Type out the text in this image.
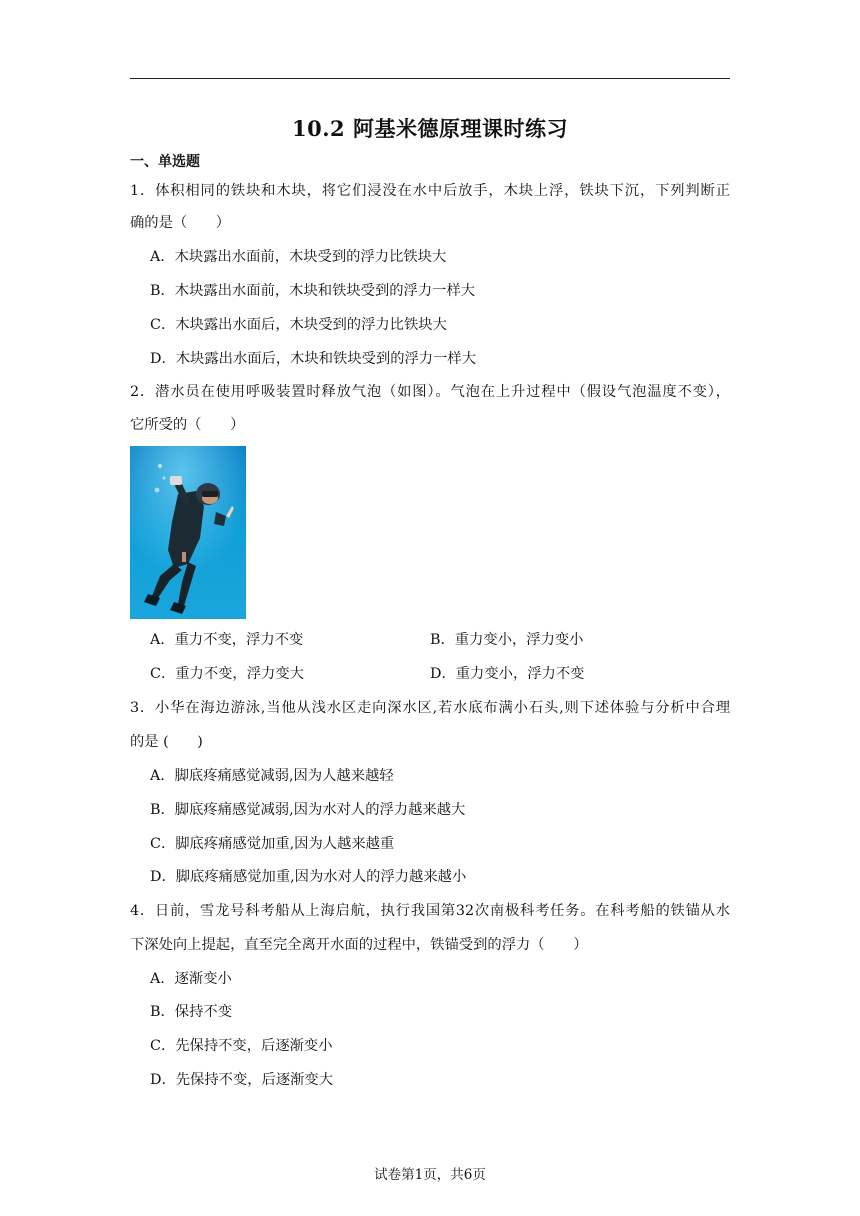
10.2 阿基米德原理课时练习
一、单选题
1．体积相同的铁块和木块，将它们浸没在水中后放手，木块上浮，铁块下沉，下列判断正
确的是（　　）
A．木块露出水面前，木块受到的浮力比铁块大
B．木块露出水面前，木块和铁块受到的浮力一样大
C．木块露出水面后，木块受到的浮力比铁块大
D．木块露出水面后，木块和铁块受到的浮力一样大
2．潜水员在使用呼吸装置时释放气泡（如图）。气泡在上升过程中（假设气泡温度不变），
它所受的（　　）
A．重力不变，浮力不变	B．重力变小，浮力变小
C．重力不变，浮力变大	D．重力变小，浮力不变
3．小华在海边游泳,当他从浅水区走向深水区,若水底布满小石头,则下述体验与分析中合理
的是 (　　)
A．脚底疼痛感觉减弱,因为人越来越轻
B．脚底疼痛感觉减弱,因为水对人的浮力越来越大
C．脚底疼痛感觉加重,因为人越来越重
D．脚底疼痛感觉加重,因为水对人的浮力越来越小
4．日前，雪龙号科考船从上海启航，执行我国第32次南极科考任务。在科考船的铁锚从水
下深处向上提起，直至完全离开水面的过程中，铁锚受到的浮力（　　）
A．逐渐变小
B．保持不变
C．先保持不变，后逐渐变小
D．先保持不变，后逐渐变大
试卷第1页，共6页
